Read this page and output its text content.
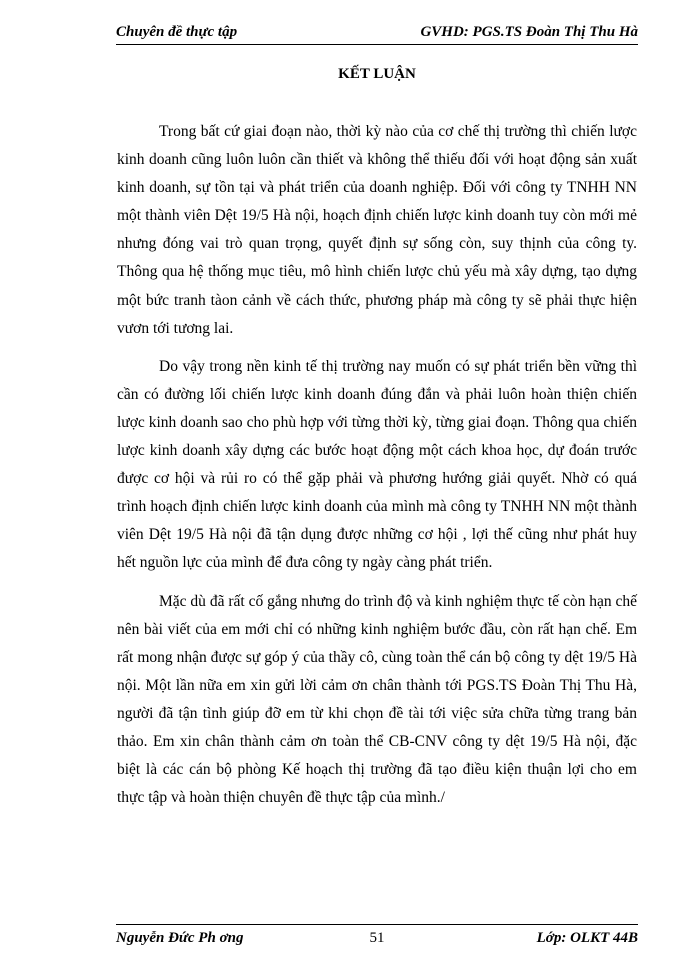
Chuyên đề thực tập	GVHD: PGS.TS Đoàn Thị Thu Hà
KẾT LUẬN

Trong bất cứ giai đoạn nào, thời kỳ nào của cơ chế thị trường thì chiến lược kinh doanh cũng luôn luôn cần thiết và không thể thiếu đối với hoạt động sản xuất kinh doanh, sự tồn tại và phát triển của doanh nghiệp. Đối với công ty TNHH NN một thành viên Dệt 19/5 Hà nội, hoạch định chiến lược kinh doanh tuy còn mới mẻ nhưng đóng vai trò quan trọng, quyết định sự sống còn, suy thịnh của công ty. Thông qua hệ thống mục tiêu, mô hình chiến lược chủ yếu mà xây dựng, tạo dựng một bức tranh tàon cảnh về cách thức, phương pháp mà công ty sẽ phải thực hiện vươn tới tương lai.

Do vậy trong nền kinh tế thị trường nay muốn có sự phát triển bền vững thì cần có đường lối chiến lược kinh doanh đúng đắn và phải luôn hoàn thiện chiến lược kinh doanh sao cho phù hợp với từng thời kỳ, từng giai đoạn. Thông qua chiến lược kinh doanh xây dựng các bước hoạt động một cách khoa học, dự đoán trước được cơ hội và rủi ro có thể gặp phải và phương hướng giải quyết. Nhờ có quá trình hoạch định chiến lược kinh doanh của mình mà công ty TNHH NN một thành viên Dệt 19/5 Hà nội đã tận dụng được những cơ hội , lợi thế cũng như phát huy hết nguồn lực của mình để đưa công ty ngày càng phát triển.

Mặc dù đã rất cố gắng nhưng do trình độ và kinh nghiệm thực tế còn hạn chế nên bài viết của em mới chỉ có những kinh nghiệm bước đầu, còn rất hạn chế. Em rất mong nhận được sự góp ý của thầy cô, cùng toàn thể cán bộ công ty dệt 19/5 Hà nội. Một lần nữa em xin gửi lời cảm ơn chân thành tới PGS.TS Đoàn Thị Thu Hà, người đã tận tình giúp đỡ em từ khi chọn đề tài tới việc sửa chữa từng trang bản thảo. Em xin chân thành cảm ơn toàn thể CB-CNV công ty dệt 19/5 Hà nội, đặc biệt là các cán bộ phòng Kế hoạch thị trường đã tạo điều kiện thuận lợi cho em thực tập và hoàn thiện chuyên đề thực tập của mình./

Nguyễn Đức Ph ơng	51	Lớp: OLKT 44B
